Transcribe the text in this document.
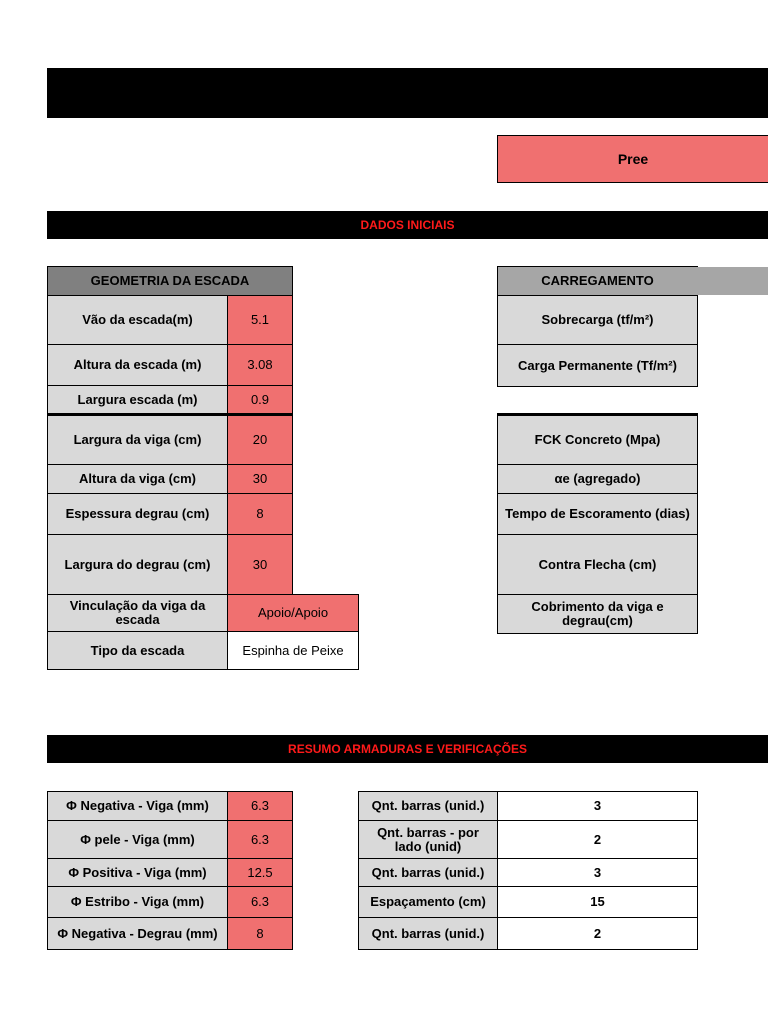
Pree
DADOS INICIAIS
GEOMETRIA DA ESCADA
Vão da escada(m)	5.1
Altura da escada (m)	3.08
Largura escada (m)	0.9
Largura da viga (cm)	20
Altura da viga (cm)	30
Espessura degrau (cm)	8
Largura do degrau (cm)	30
Vinculação da viga da escada	Apoio/Apoio
Tipo da escada	Espinha de Peixe
CARREGAMENTO
Sobrecarga (tf/m²)
Carga Permanente (Tf/m²)
FCK Concreto (Mpa)
αe (agregado)
Tempo de Escoramento (dias)
Contra Flecha (cm)
Cobrimento da viga e degrau(cm)
RESUMO ARMADURAS E VERIFICAÇÕES
Φ Negativa - Viga (mm)	6.3
Φ pele - Viga (mm)	6.3
Φ Positiva - Viga (mm)	12.5
Φ Estribo - Viga (mm)	6.3
Φ Negativa - Degrau (mm)	8
Qnt. barras (unid.)	3
Qnt. barras - por lado (unid)	2
Qnt. barras (unid.)	3
Espaçamento (cm)	15
Qnt. barras (unid.)	2
